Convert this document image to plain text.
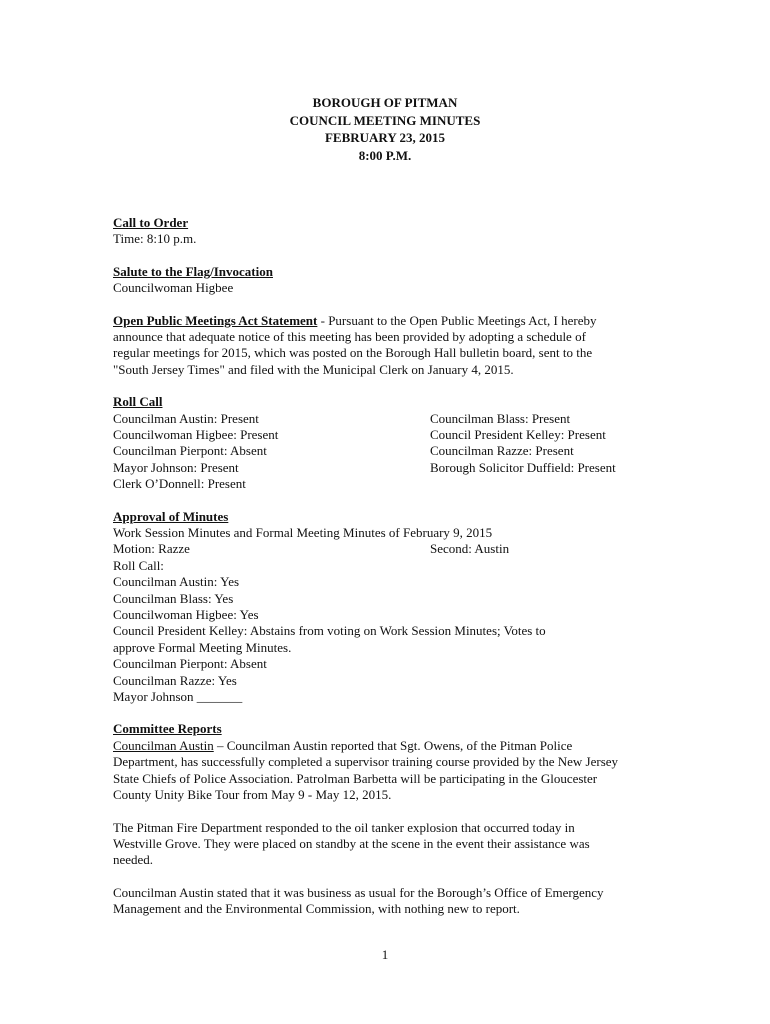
BOROUGH OF PITMAN
COUNCIL MEETING MINUTES
FEBRUARY 23, 2015
8:00 P.M.
Call to Order
Time: 8:10 p.m.
Salute to the Flag/Invocation
Councilwoman Higbee
Open Public Meetings Act Statement - Pursuant to the Open Public Meetings Act, I hereby
announce that adequate notice of this meeting has been provided by adopting a schedule of
regular meetings for 2015, which was posted on the Borough Hall bulletin board, sent to the
"South Jersey Times" and filed with the Municipal Clerk on January 4, 2015.
Roll Call
Councilman Austin: Present	Councilman Blass: Present
Councilwoman Higbee: Present	Council President Kelley: Present
Councilman Pierpont: Absent	Councilman Razze: Present
Mayor Johnson: Present	Borough Solicitor Duffield: Present
Clerk O’Donnell: Present
Approval of Minutes
Work Session Minutes and Formal Meeting Minutes of February 9, 2015
Motion: Razze	Second: Austin
Roll Call:
Councilman Austin: Yes
Councilman Blass: Yes
Councilwoman Higbee: Yes
Council President Kelley: Abstains from voting on Work Session Minutes; Votes to
approve Formal Meeting Minutes.
Councilman Pierpont: Absent
Councilman Razze: Yes
Mayor Johnson _______
Committee Reports
Councilman Austin – Councilman Austin reported that Sgt. Owens, of the Pitman Police
Department, has successfully completed a supervisor training course provided by the New Jersey
State Chiefs of Police Association. Patrolman Barbetta will be participating in the Gloucester
County Unity Bike Tour from May 9 - May 12, 2015.
The Pitman Fire Department responded to the oil tanker explosion that occurred today in
Westville Grove. They were placed on standby at the scene in the event their assistance was
needed.
Councilman Austin stated that it was business as usual for the Borough’s Office of Emergency
Management and the Environmental Commission, with nothing new to report.
1
